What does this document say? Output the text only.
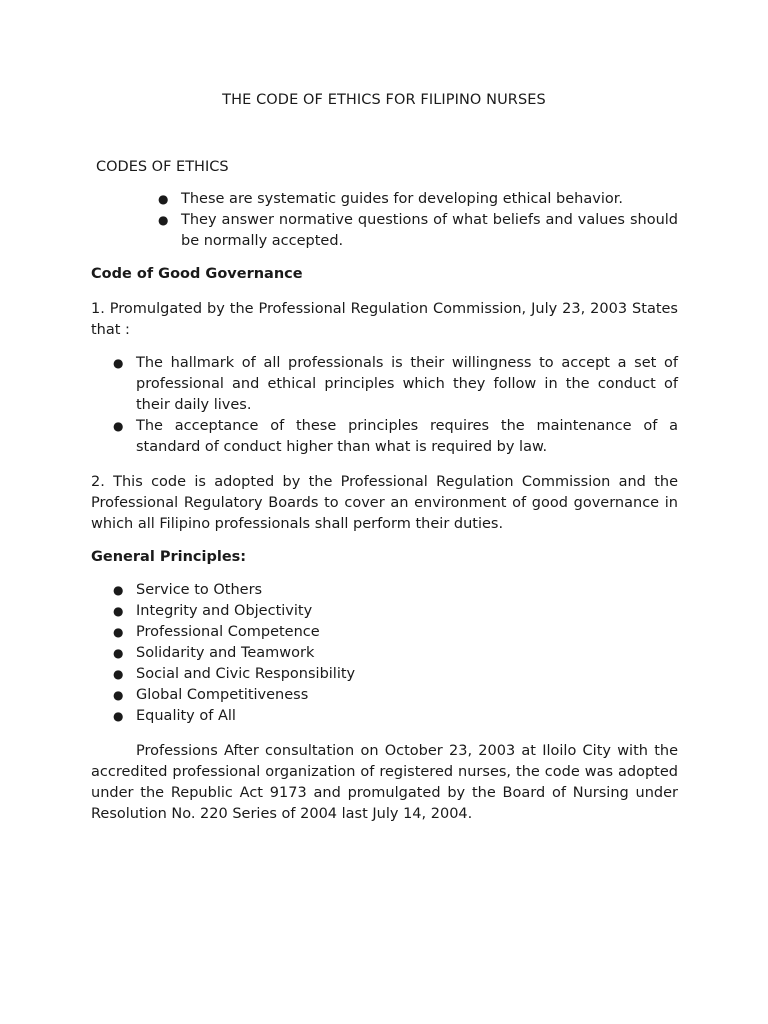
THE CODE OF ETHICS FOR FILIPINO NURSES
CODES OF ETHICS
● These are systematic guides for developing ethical behavior.
● They answer normative questions of what beliefs and values should be normally accepted.
Code of Good Governance
1. Promulgated by the Professional Regulation Commission, July 23, 2003 States that :
● The hallmark of all professionals is their willingness to accept a set of professional and ethical principles which they follow in the conduct of their daily lives.
● The acceptance of these principles requires the maintenance of a standard of conduct higher than what is required by law.
2. This code is adopted by the Professional Regulation Commission and the Professional Regulatory Boards to cover an environment of good governance in which all Filipino professionals shall perform their duties.
General Principles:
● Service to Others
● Integrity and Objectivity
● Professional Competence
● Solidarity and Teamwork
● Social and Civic Responsibility
● Global Competitiveness
● Equality of All
Professions After consultation on October 23, 2003 at Iloilo City with the accredited professional organization of registered nurses, the code was adopted under the Republic Act 9173 and promulgated by the Board of Nursing under Resolution No. 220 Series of 2004 last July 14, 2004.
